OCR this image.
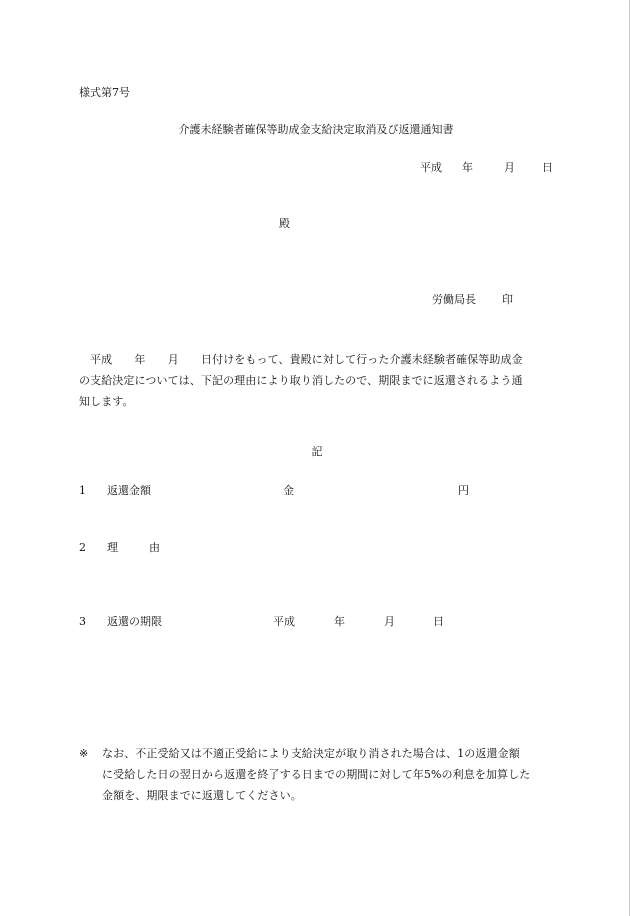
様式第7号
介護未経験者確保等助成金支給決定取消及び返還通知書
平成 年	月 日
殿
労働局長 印

平成　　年　　月　　日付けをもって、貴殿に対して行った介護未経験者確保等助成金

の支給決定については、下記の理由により取り消したので、期限までに返還されるよう通

知します。

記
1 返還金額	金	円
2 理	由
3 返還の期限	平成	年	月	日
※	なお、不正受給又は不適正受給により支給決定が取り消された場合は、1の返還金額
に受給した日の翌日から返還を終了する日までの期間に対して年5%の利息を加算した
金額を、期限までに返還してください。
